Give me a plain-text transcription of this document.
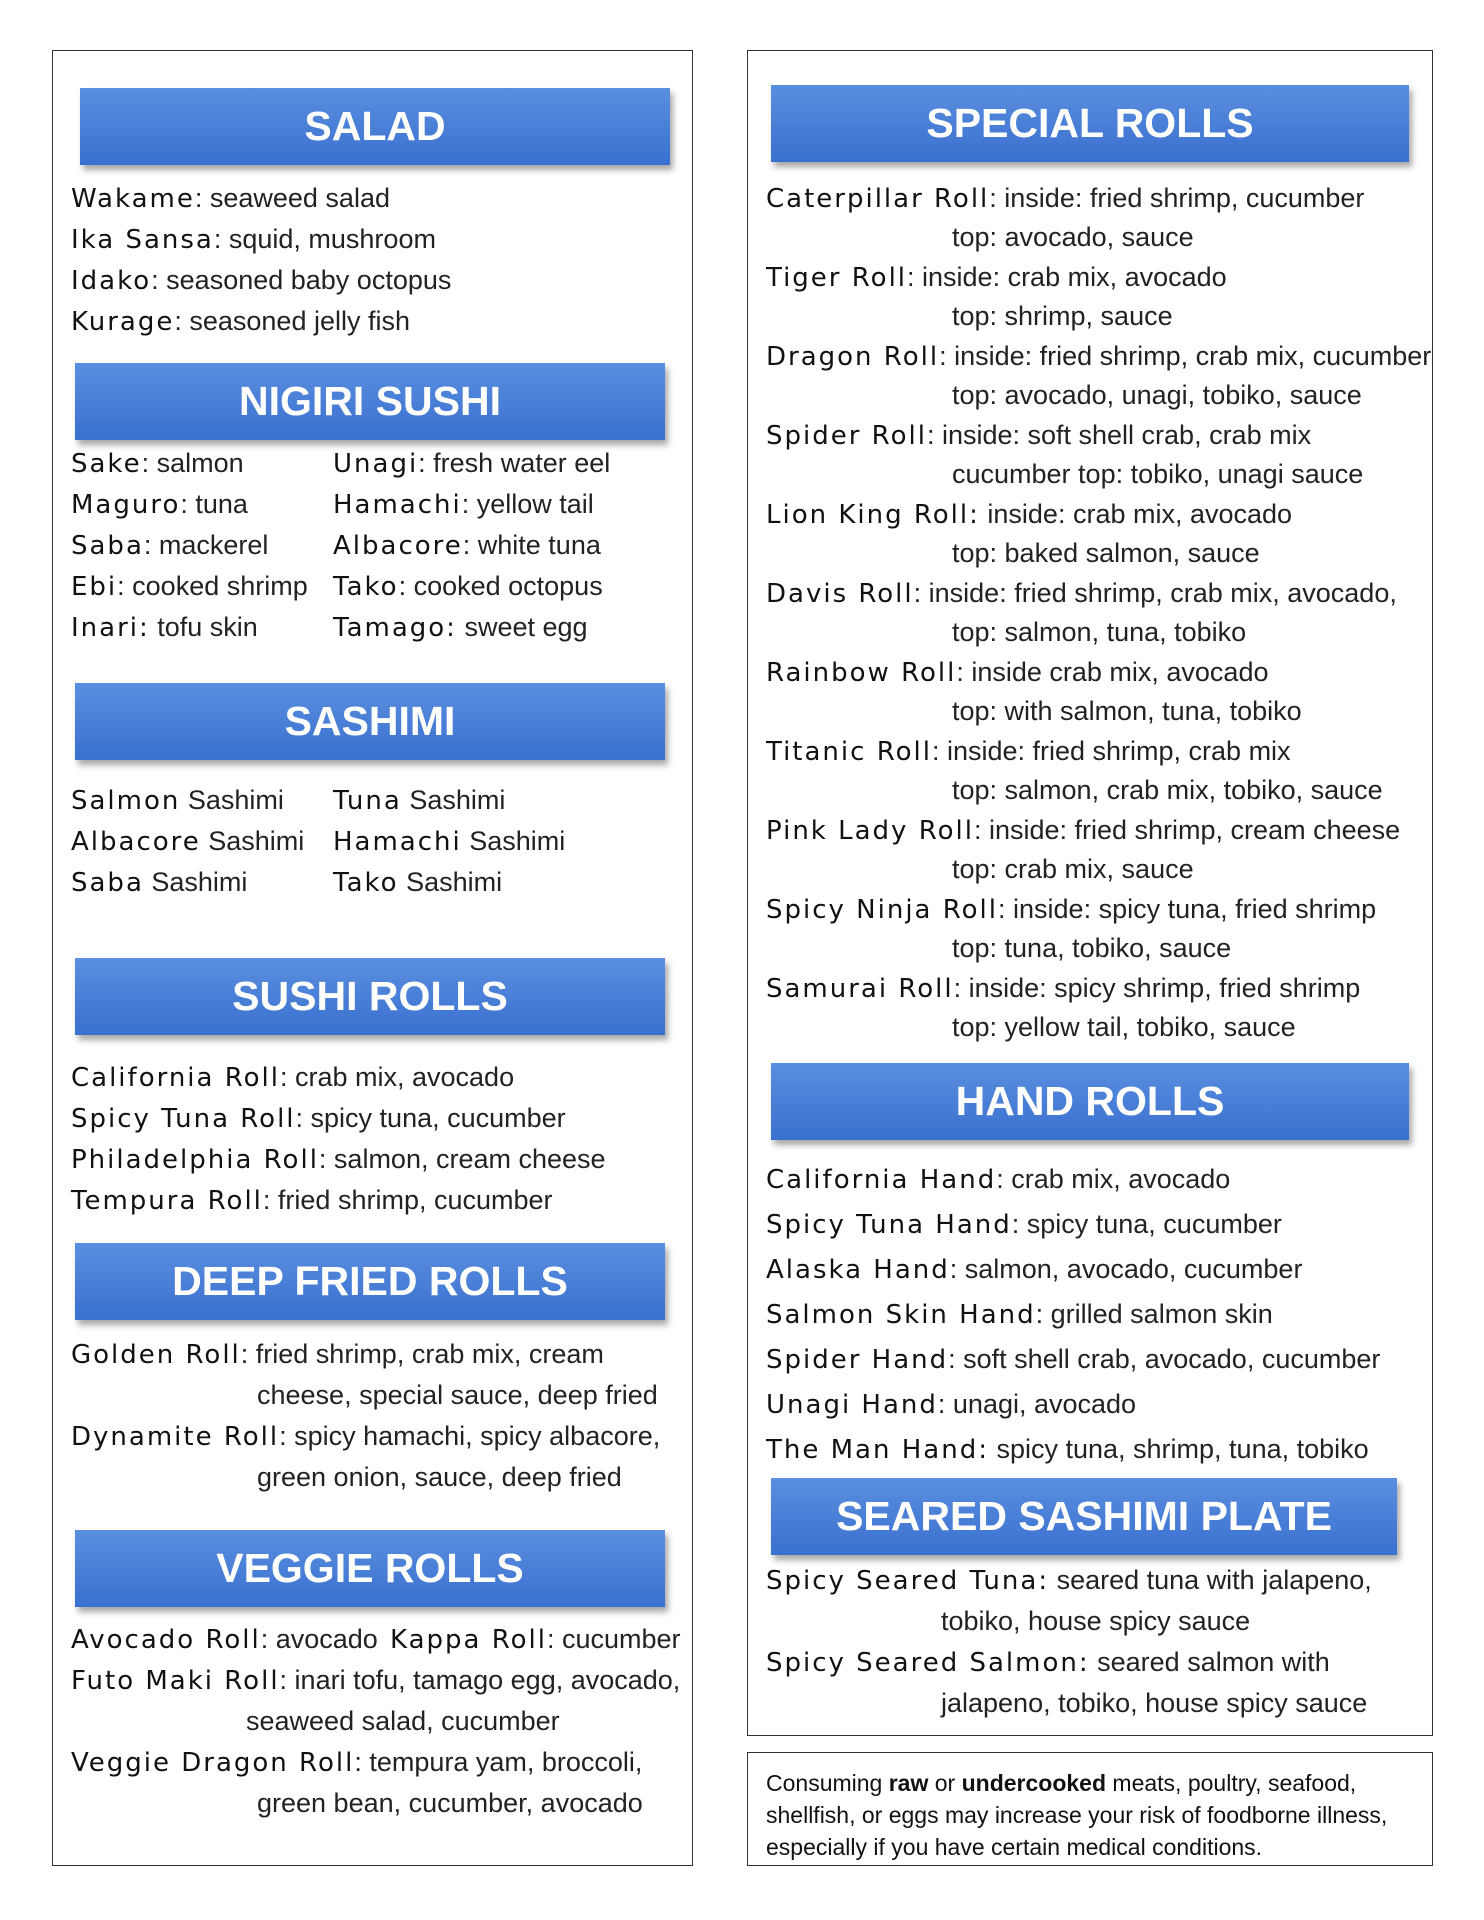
Consuming raw or undercooked meats, poultry, seafood, shellfish, or eggs may increase your risk of foodborne illness, especially if you have certain medical conditions.
SALAD
Wakame: seaweed salad
Ika Sansa: squid, mushroom
Idako: seasoned baby octopus
Kurage: seasoned jelly fish
NIGIRI SUSHI
Sake: salmon	Unagi: fresh water eel
Maguro: tuna	Hamachi: yellow tail
Saba: mackerel Albacore: white tuna
Ebi: cooked shrimp Tako: cooked octopus
Inari: tofu skin	Tamago: sweet egg
SASHIMI
Salmon Sashimi Tuna Sashimi
Albacore Sashimi Hamachi Sashimi
Saba Sashimi	Tako Sashimi
SUSHI ROLLS
California Roll: crab mix, avocado
Spicy Tuna Roll: spicy tuna, cucumber
Philadelphia Roll: salmon, cream cheese
Tempura Roll: fried shrimp, cucumber
DEEP FRIED ROLLS
Golden Roll: fried shrimp, crab mix, cream
cheese, special sauce, deep fried
Dynamite Roll: spicy hamachi, spicy albacore,
green onion, sauce, deep fried
VEGGIE ROLLS
Avocado Roll: avocado Kappa Roll: cucumber
Futo Maki Roll: inari tofu, tamago egg, avocado,
seaweed salad, cucumber
Veggie Dragon Roll: tempura yam, broccoli,
green bean, cucumber, avocado
SPECIAL ROLLS
Caterpillar Roll: inside: fried shrimp, cucumber
top: avocado, sauce
Tiger Roll: inside: crab mix, avocado
top: shrimp, sauce
Dragon Roll: inside: fried shrimp, crab mix, cucumber
top: avocado, unagi, tobiko, sauce
Spider Roll: inside: soft shell crab, crab mix
cucumber top: tobiko, unagi sauce
Lion King Roll: inside: crab mix, avocado
top: baked salmon, sauce
Davis Roll: inside: fried shrimp, crab mix, avocado,
top: salmon, tuna, tobiko
Rainbow Roll: inside crab mix, avocado
top: with salmon, tuna, tobiko
Titanic Roll: inside: fried shrimp, crab mix
top: salmon, crab mix, tobiko, sauce
Pink Lady Roll: inside: fried shrimp, cream cheese
top: crab mix, sauce
Spicy Ninja Roll: inside: spicy tuna, fried shrimp
top: tuna, tobiko, sauce
Samurai Roll: inside: spicy shrimp, fried shrimp
top: yellow tail, tobiko, sauce
HAND ROLLS
California Hand: crab mix, avocado
Spicy Tuna Hand: spicy tuna, cucumber
Alaska Hand: salmon, avocado, cucumber
Salmon Skin Hand: grilled salmon skin
Spider Hand: soft shell crab, avocado, cucumber
Unagi Hand: unagi, avocado
The Man Hand: spicy tuna, shrimp, tuna, tobiko
SEARED SASHIMI PLATE
Spicy Seared Tuna: seared tuna with jalapeno,
tobiko, house spicy sauce
Spicy Seared Salmon: seared salmon with
jalapeno, tobiko, house spicy sauce
